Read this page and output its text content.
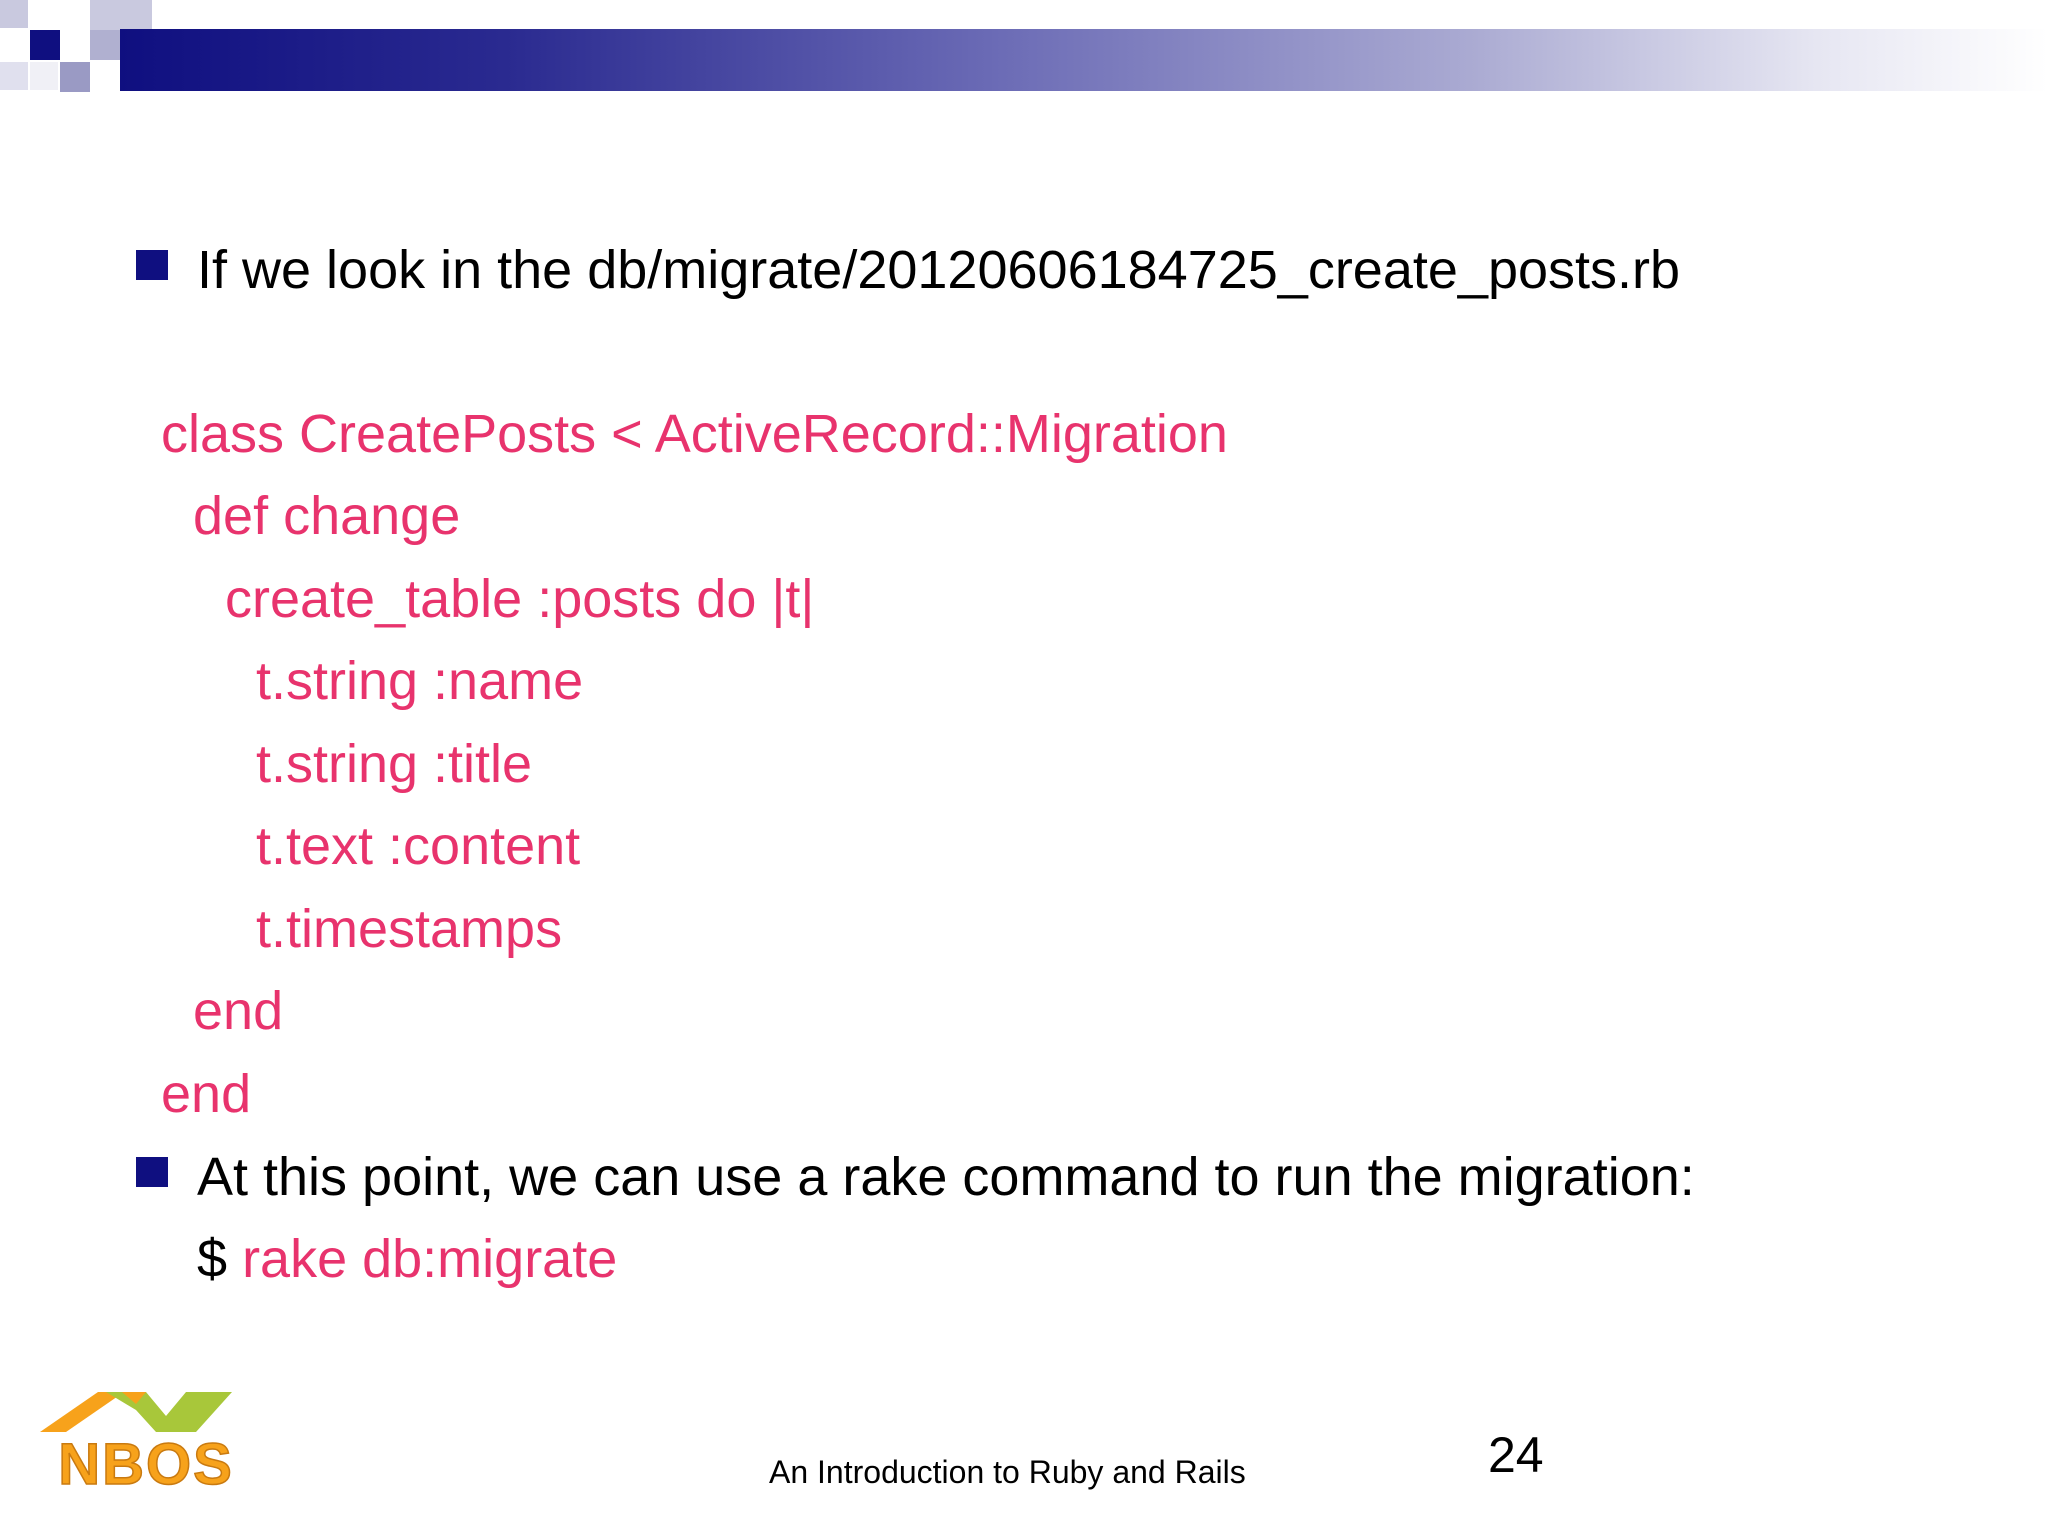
If we look in the db/migrate/20120606184725_create_posts.rb
class CreatePosts < ActiveRecord::Migration
def change
create_table :posts do |t|
t.string :name
t.string :title
t.text :content
t.timestamps
end
end
At this point, we can use a rake command to run the migration:
$ rake db:migrate
NBOS	An Introduction to Ruby and Rails	24
